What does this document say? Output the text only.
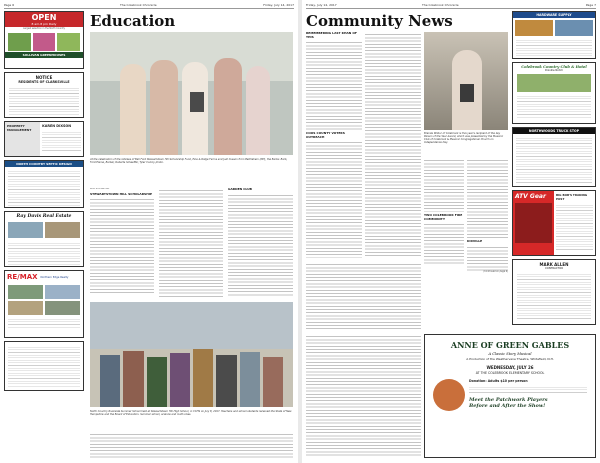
Page 6	The Colebrook Chronicle	Friday, July 14, 2017
OPEN
8 am-8 pm Daily
Largest selection in the North Country
SULLIVAN GREENHOUSES
NOTICE
RESIDENTS OF CLARKSVILLE
PROPERTY MANAGEMENT
KAREN DIXSON
NORTH COUNTRY SEPTIC DESIGN
Ray Davis Real Estate
RE/MAX Northern Edge Realty
Education
At the celebration of the retirees of Bell Ford Stewartstown Hill Scholarship Fund, Pine & Ridge Farms and Judi Cusson from Bethlehem (NH), the Barbs: Barb, Ford Elaine, Barber, Roberta Schaeffer, Tyler Colony photo.
Ruth Zimmerman
STEWARTSTOWN HILL SCHOLARSHIP
GARDEN CLUB
North Country Riverside Summer School held at Stewartstown Hill High School, in CCHS on July 8, 2017. Teachers and school students received the State of New Hampshire and the Board of Education. Summer school, science and math class.
Friday, July 14, 2017	The Colebrook Chronicle	Page 7
Community News
REMEMBERING LAST KHAN OF THIS
COOS COUNTY VOTERS OUTREACH
Brenda Wilbur of Colebrook is this year's recipient of the key Person of the Year Award, which was presented by the Masonic Club of Colebrook & Masonic Congregational Church on Independence Day.
TWO COLEBROOK FIRE COMMUNITY
DIXVILLE
(Continued on page 9)
HARDWARE SUPPLY
Colebrook Country Club & Hotel
Dixville Notch
NORTHWOODS TRUCK STOP
ATV Gear	BIG BOB'S TRADING POST
MARK ALLEN
CONTRACTOR
ANNE OF GREEN GABLES
A Classic Story Musical
A Production of the Weathervane Theatre, Whitefield, N.H.
WEDNESDAY, JULY 26
AT THE COLEBROOK ELEMENTARY SCHOOL
Donation: Adults $10 per person
Meet the Patchwork Players
Before and After the Show!
